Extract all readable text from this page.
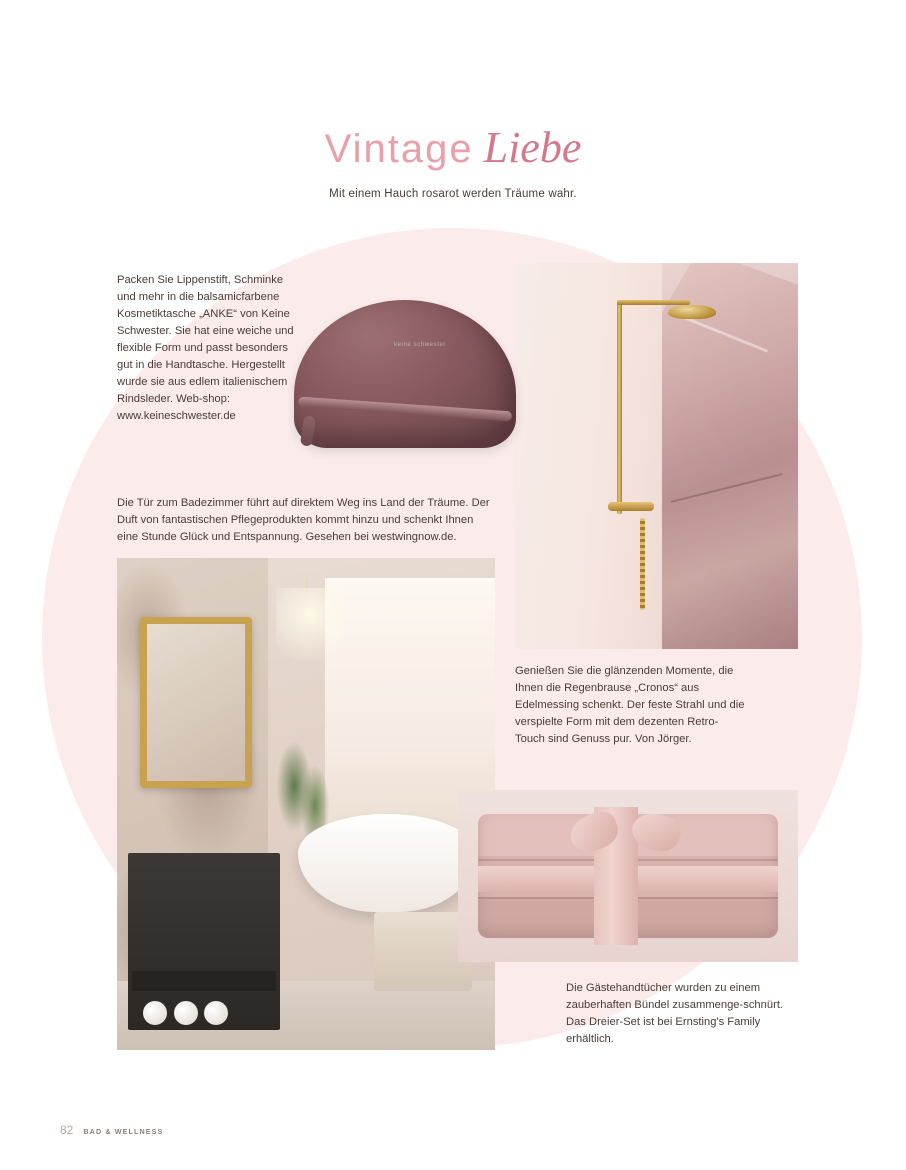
Vintage Liebe
Mit einem Hauch rosarot werden Träume wahr.
keine schwester
Packen Sie Lippenstift, Schminke und mehr in die balsamicfarbene Kosmetiktasche „ANKE“ von Keine Schwester. Sie hat eine weiche und flexible Form und passt besonders gut in die Handtasche. Hergestellt wurde sie aus edlem italienischem Rindsleder. Web-shop: www.keineschwester.de
Die Tür zum Badezimmer führt auf direktem Weg ins Land der Träume. Der Duft von fantastischen Pflegeprodukten kommt hinzu und schenkt Ihnen eine Stunde Glück und Entspannung. Gesehen bei westwingnow.de.
Genießen Sie die glänzenden Momente, die Ihnen die Regenbrause „Cronos“ aus Edelmessing schenkt. Der feste Strahl und die verspielte Form mit dem dezenten Retro-Touch sind Genuss pur. Von Jörger.
Die Gästehandtücher wurden zu einem zauberhaften Bündel zusammenge-schnürt. Das Dreier-Set ist bei Ernsting's Family erhältlich.
82 BAD & WELLNESS
